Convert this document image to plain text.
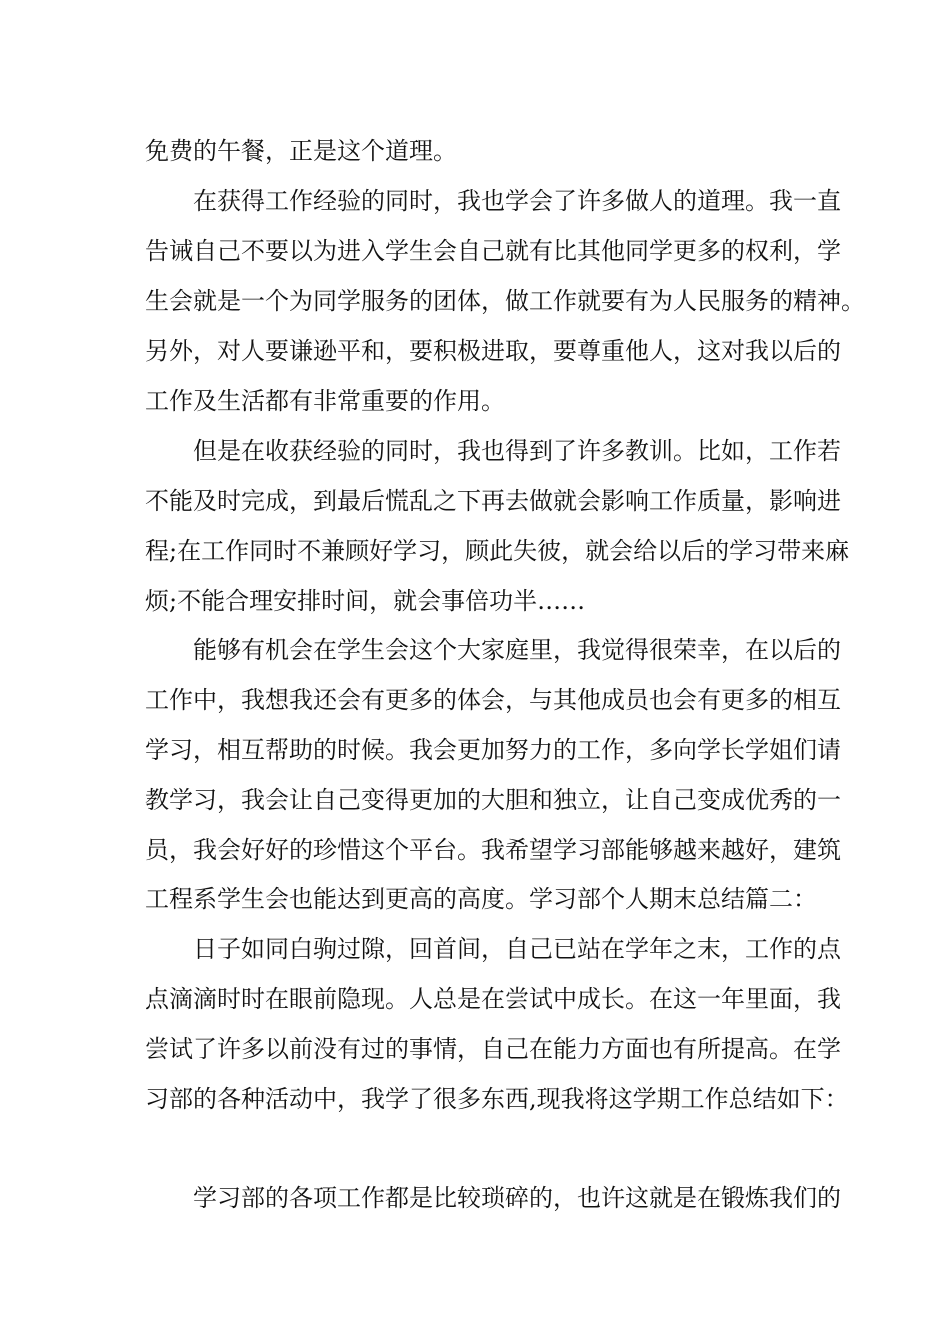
免费的午餐，正是这个道理。

在获得工作经验的同时，我也学会了许多做人的道理。我一直

告诫自己不要以为进入学生会自己就有比其他同学更多的权利，学

生会就是一个为同学服务的团体，做工作就要有为人民服务的精神。

另外，对人要谦逊平和，要积极进取，要尊重他人，这对我以后的

工作及生活都有非常重要的作用。

但是在收获经验的同时，我也得到了许多教训。比如，工作若

不能及时完成，到最后慌乱之下再去做就会影响工作质量，影响进

程;在工作同时不兼顾好学习，顾此失彼，就会给以后的学习带来麻

烦;不能合理安排时间，就会事倍功半……

能够有机会在学生会这个大家庭里，我觉得很荣幸，在以后的

工作中，我想我还会有更多的体会，与其他成员也会有更多的相互

学习，相互帮助的时候。我会更加努力的工作，多向学长学姐们请

教学习，我会让自己变得更加的大胆和独立，让自己变成优秀的一

员，我会好好的珍惜这个平台。我希望学习部能够越来越好，建筑

工程系学生会也能达到更高的高度。学习部个人期末总结篇二：

日子如同白驹过隙，回首间，自己已站在学年之末，工作的点

点滴滴时时在眼前隐现。人总是在尝试中成长。在这一年里面，我

尝试了许多以前没有过的事情，自己在能力方面也有所提高。在学

习部的各种活动中，我学了很多东西,现我将这学期工作总结如下：

学习部的各项工作都是比较琐碎的，也许这就是在锻炼我们的
